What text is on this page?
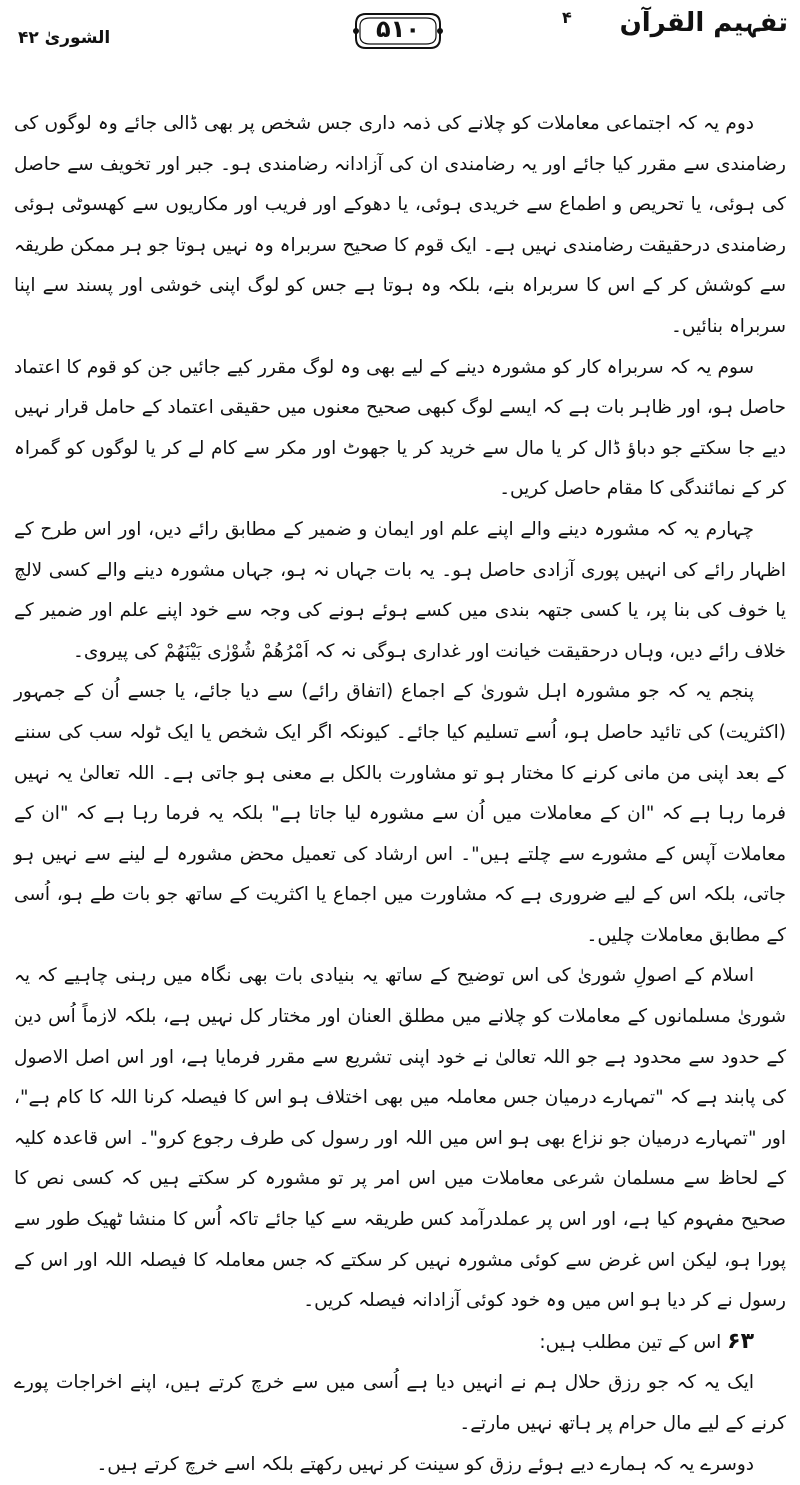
تفہیم القرآن
۴
۵۱۰
الشوریٰ ۴۲

دوم یہ کہ اجتماعی معاملات کو چلانے کی ذمہ داری جس شخص پر بھی ڈالی جائے وہ لوگوں کی رضامندی سے مقرر کیا جائے اور یہ رضامندی ان کی آزادانہ رضامندی ہو۔ جبر اور تخویف سے حاصل کی ہوئی، یا تحریص و اطماع سے خریدی ہوئی، یا دھوکے اور فریب اور مکاریوں سے کھسوٹی ہوئی رضامندی درحقیقت رضامندی نہیں ہے۔ ایک قوم کا صحیح سربراہ وہ نہیں ہوتا جو ہر ممکن طریقہ سے کوشش کر کے اس کا سربراہ بنے، بلکہ وہ ہوتا ہے جس کو لوگ اپنی خوشی اور پسند سے اپنا سربراہ بنائیں۔

سوم یہ کہ سربراہ کار کو مشورہ دینے کے لیے بھی وہ لوگ مقرر کیے جائیں جن کو قوم کا اعتماد حاصل ہو، اور ظاہر بات ہے کہ ایسے لوگ کبھی صحیح معنوں میں حقیقی اعتماد کے حامل قرار نہیں دیے جا سکتے جو دباؤ ڈال کر یا مال سے خرید کر یا جھوٹ اور مکر سے کام لے کر یا لوگوں کو گمراہ کر کے نمائندگی کا مقام حاصل کریں۔

چہارم یہ کہ مشورہ دینے والے اپنے علم اور ایمان و ضمیر کے مطابق رائے دیں، اور اس طرح کے اظہار رائے کی انہیں پوری آزادی حاصل ہو۔ یہ بات جہاں نہ ہو، جہاں مشورہ دینے والے کسی لالچ یا خوف کی بنا پر، یا کسی جتھہ بندی میں کسے ہوئے ہونے کی وجہ سے خود اپنے علم اور ضمیر کے خلاف رائے دیں، وہاں درحقیقت خیانت اور غداری ہوگی نہ کہ اَمْرُهُمْ شُوْرٰى بَيْنَهُمْ کی پیروی۔

پنجم یہ کہ جو مشورہ اہل شوریٰ کے اجماع (اتفاق رائے) سے دیا جائے، یا جسے اُن کے جمہور (اکثریت) کی تائید حاصل ہو، اُسے تسلیم کیا جائے۔ کیونکہ اگر ایک شخص یا ایک ٹولہ سب کی سننے کے بعد اپنی من مانی کرنے کا مختار ہو تو مشاورت بالکل بے معنی ہو جاتی ہے۔ اللہ تعالیٰ یہ نہیں فرما رہا ہے کہ "ان کے معاملات میں اُن سے مشورہ لیا جاتا ہے" بلکہ یہ فرما رہا ہے کہ "ان کے معاملات آپس کے مشورے سے چلتے ہیں"۔ اس ارشاد کی تعمیل محض مشورہ لے لینے سے نہیں ہو جاتی، بلکہ اس کے لیے ضروری ہے کہ مشاورت میں اجماع یا اکثریت کے ساتھ جو بات طے ہو، اُسی کے مطابق معاملات چلیں۔

اسلام کے اصولِ شوریٰ کی اس توضیح کے ساتھ یہ بنیادی بات بھی نگاہ میں رہنی چاہیے کہ یہ شوریٰ مسلمانوں کے معاملات کو چلانے میں مطلق العنان اور مختار کل نہیں ہے، بلکہ لازماً اُس دین کے حدود سے محدود ہے جو اللہ تعالیٰ نے خود اپنی تشریع سے مقرر فرمایا ہے، اور اس اصل الاصول کی پابند ہے کہ "تمہارے درمیان جس معاملہ میں بھی اختلاف ہو اس کا فیصلہ کرنا اللہ کا کام ہے"، اور "تمہارے درمیان جو نزاع بھی ہو اس میں اللہ اور رسول کی طرف رجوع کرو"۔ اس قاعدہ کلیہ کے لحاظ سے مسلمان شرعی معاملات میں اس امر پر تو مشورہ کر سکتے ہیں کہ کسی نص کا صحیح مفہوم کیا ہے، اور اس پر عملدرآمد کس طریقہ سے کیا جائے تاکہ اُس کا منشا ٹھیک طور سے پورا ہو، لیکن اس غرض سے کوئی مشورہ نہیں کر سکتے کہ جس معاملہ کا فیصلہ اللہ اور اس کے رسول نے کر دیا ہو اس میں وہ خود کوئی آزادانہ فیصلہ کریں۔

۶۳ اس کے تین مطلب ہیں:

ایک یہ کہ جو رزق حلال ہم نے انہیں دیا ہے اُسی میں سے خرچ کرتے ہیں، اپنے اخراجات پورے کرنے کے لیے مال حرام پر ہاتھ نہیں مارتے۔

دوسرے یہ کہ ہمارے دیے ہوئے رزق کو سینت کر نہیں رکھتے بلکہ اسے خرچ کرتے ہیں۔
